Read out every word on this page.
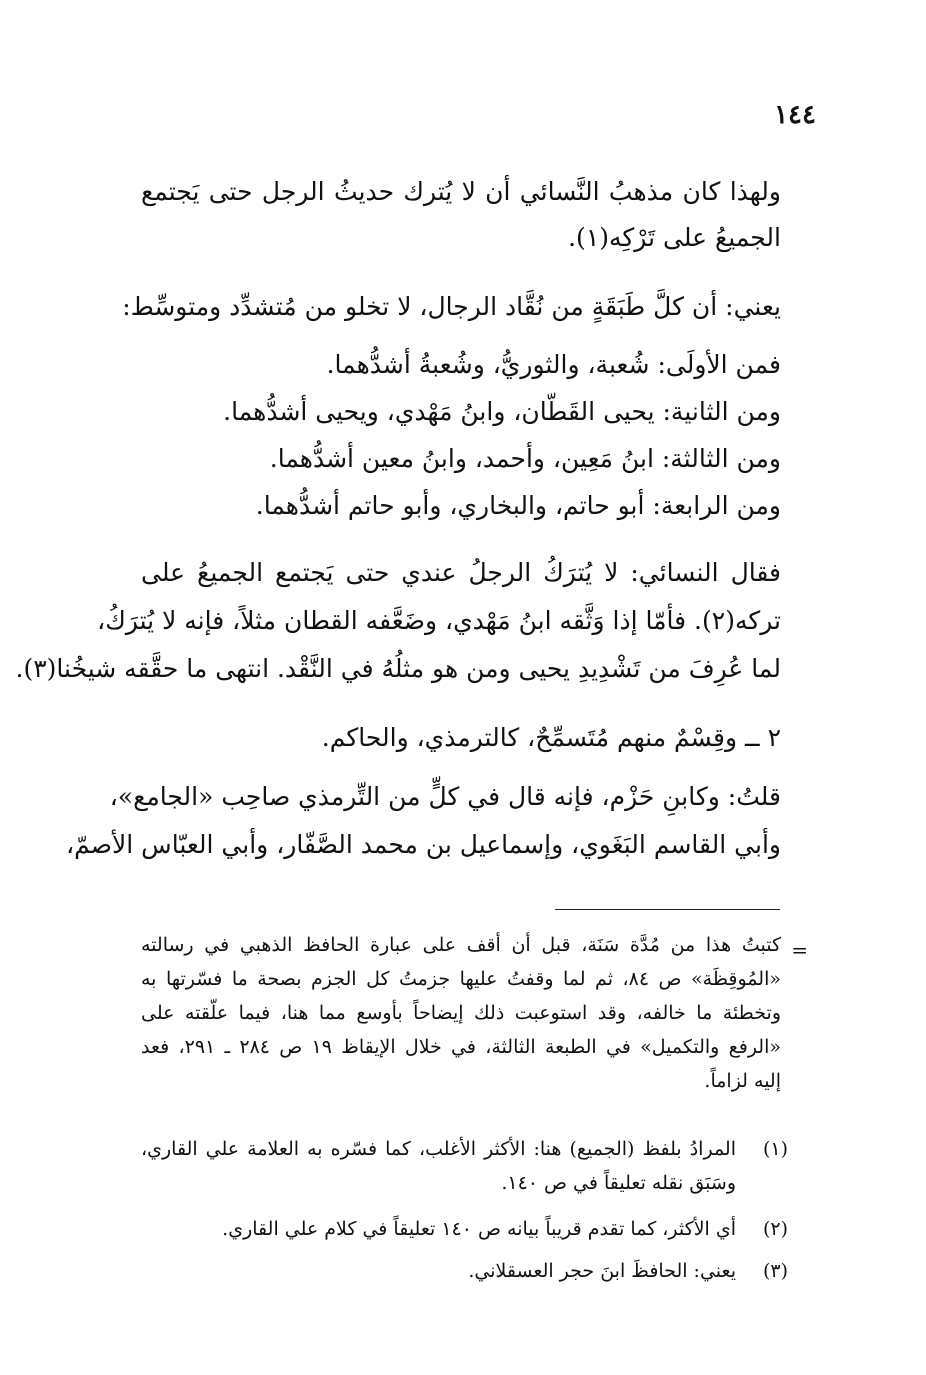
١٤٤
ولهذا كان مذهبُ النَّسائي أن لا يُترك حديثُ الرجل حتى يَجتمع
الجميعُ على تَرْكِه(١).
يعني: أن كلَّ طَبَقَةٍ من نُقَّاد الرجال، لا تخلو من مُتشدِّد ومتوسِّط:
فمن الأولَى: شُعبة، والثوريُّ، وشُعبةُ أشدُّهما.
ومن الثانية: يحيى القَطّان، وابنُ مَهْدي، ويحيى أشدُّهما.
ومن الثالثة: ابنُ مَعِين، وأحمد، وابنُ معين أشدُّهما.
ومن الرابعة: أبو حاتم، والبخاري، وأبو حاتم أشدُّهما.
فقال النسائي: لا يُترَكُ الرجلُ عندي حتى يَجتمع الجميعُ على
تركه(٢). فأمّا إذا وَثَّقه ابنُ مَهْدي، وضَعَّفه القطان مثلاً، فإنه لا يُترَكُ،
لما عُرِفَ من تَشْدِيدِ يحيى ومن هو مثلُهُ في النَّقْد. انتهى ما حقَّقه شيخُنا(٣).
٢ ــ وقِسْمٌ منهم مُتَسمِّحٌ، كالترمذي، والحاكم.
قلتُ: وكابنِ حَزْم، فإنه قال في كلٍّ من التِّرمذي صاحِب «الجامع»،
وأبي القاسم البَغَوي، وإسماعيل بن محمد الصَّفّار، وأبي العبّاس الأصمّ،
=
كتبتُ هذا من مُدَّة سَنَة، قبل أن أقف على عبارة الحافظ الذهبي في رسالته
«المُوقِظَة» ص ٨٤، ثم لما وقفتُ عليها جزمتُ كل الجزم بصحة ما فسّرتها به
وتخطئة ما خالفه، وقد استوعبت ذلك إيضاحاً بأوسع مما هنا، فيما علّقته على
«الرفع والتكميل» في الطبعة الثالثة، في خلال الإيقاظ ١٩ ص ٢٨٤ ـ ٢٩١، فعد
إليه لزاماً.
(١)
المرادُ بلفظ (الجميع) هنا: الأكثر الأغلب، كما فسّره به العلامة علي القاري،
وسَبَق نقله تعليقاً في ص ١٤٠.
(٢)
أي الأكثر، كما تقدم قريباً بيانه ص ١٤٠ تعليقاً في كلام علي القاري.
(٣)
يعني: الحافظَ ابنَ حجر العسقلاني.
